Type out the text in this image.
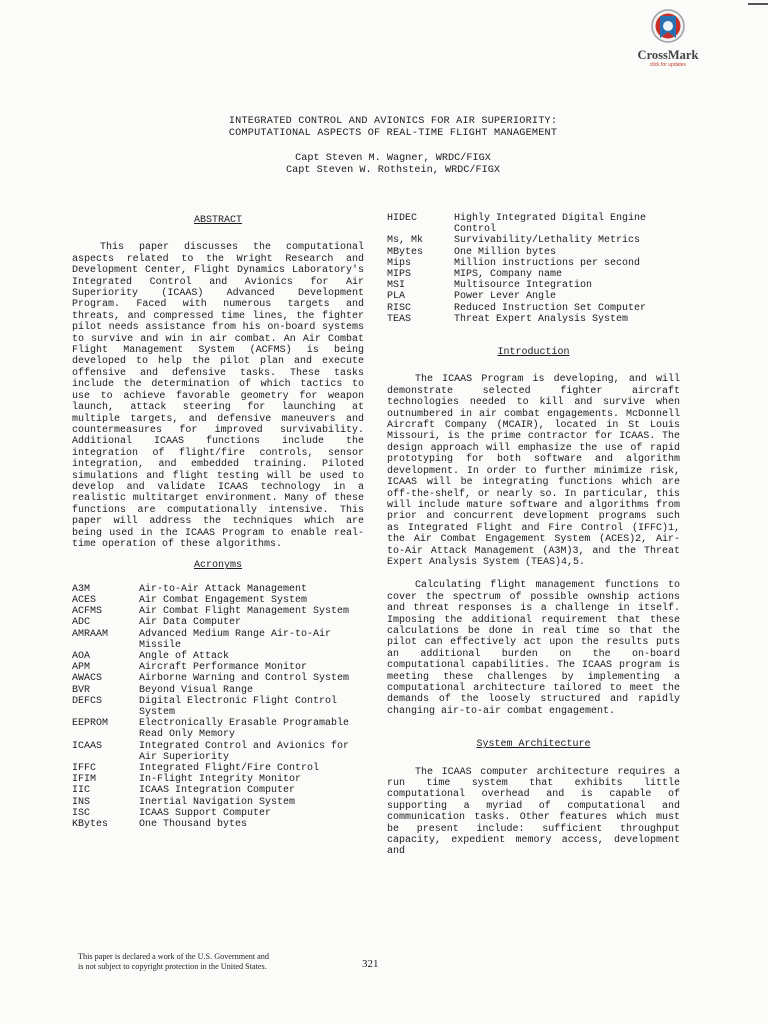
CrossMark
click for updates
INTEGRATED CONTROL AND AVIONICS FOR AIR SUPERIORITY:
COMPUTATIONAL ASPECTS OF REAL-TIME FLIGHT MANAGEMENT
Capt Steven M. Wagner, WRDC/FIGX
Capt Steven W. Rothstein, WRDC/FIGX
ABSTRACT

This paper discusses the computational aspects related to the Wright Research and Development Center, Flight Dynamics Laboratory's Integrated Control and Avionics for Air Superiority (ICAAS) Advanced Development Program. Faced with numerous targets and threats, and compressed time lines, the fighter pilot needs assistance from his on-board systems to survive and win in air combat. An Air Combat Flight Management System (ACFMS) is being developed to help the pilot plan and execute offensive and defensive tasks. These tasks include the determination of which tactics to use to achieve favorable geometry for weapon launch, attack steering for launching at multiple targets, and defensive maneuvers and countermeasures for improved survivability. Additional ICAAS functions include the integration of flight/fire controls, sensor integration, and embedded training. Piloted simulations and flight testing will be used to develop and validate ICAAS technology in a realistic multitarget environment. Many of these functions are computationally intensive. This paper will address the techniques which are being used in the ICAAS Program to enable real-time operation of these algorithms.

Acronyms
A3M	Air-to-Air Attack Management
ACES	Air Combat Engagement System
ACFMS	Air Combat Flight Management System
ADC	Air Data Computer
AMRAAM	Advanced Medium Range Air-to-Air Missile
AOA	Angle of Attack
APM	Aircraft Performance Monitor
AWACS	Airborne Warning and Control System
BVR	Beyond Visual Range
DEFCS	Digital Electronic Flight Control System
EEPROM	Electronically Erasable Programable Read Only Memory
ICAAS	Integrated Control and Avionics for Air Superiority
IFFC	Integrated Flight/Fire Control
IFIM	In-Flight Integrity Monitor
IIC	ICAAS Integration Computer
INS	Inertial Navigation System
ISC	ICAAS Support Computer
KBytes	One Thousand bytes
HIDEC	Highly Integrated Digital Engine Control
Ms, Mk	Survivability/Lethality Metrics
MBytes	One Million bytes
Mips	Million instructions per second
MIPS	MIPS, Company name
MSI	Multisource Integration
PLA	Power Lever Angle
RISC	Reduced Instruction Set Computer
TEAS	Threat Expert Analysis System
Introduction

The ICAAS Program is developing, and will demonstrate selected fighter aircraft technologies needed to kill and survive when outnumbered in air combat engagements. McDonnell Aircraft Company (MCAIR), located in St Louis Missouri, is the prime contractor for ICAAS. The design approach will emphasize the use of rapid prototyping for both software and algorithm development. In order to further minimize risk, ICAAS will be integrating functions which are off-the-shelf, or nearly so. In particular, this will include mature software and algorithms from prior and concurrent development programs such as Integrated Flight and Fire Control (IFFC)1, the Air Combat Engagement System (ACES)2, Air-to-Air Attack Management (A3M)3, and the Threat Expert Analysis System (TEAS)4,5.

Calculating flight management functions to cover the spectrum of possible ownship actions and threat responses is a challenge in itself. Imposing the additional requirement that these calculations be done in real time so that the pilot can effectively act upon the results puts an additional burden on the on-board computational capabilities. The ICAAS program is meeting these challenges by implementing a computational architecture tailored to meet the demands of the loosely structured and rapidly changing air-to-air combat engagement.

System Architecture

The ICAAS computer architecture requires a run time system that exhibits little computational overhead and is capable of supporting a myriad of computational and communication tasks. Other features which must be present include: sufficient throughput capacity, expedient memory access, development and

This paper is declared a work of the U.S. Government and
is not subject to copyright protection in the United States.	321
